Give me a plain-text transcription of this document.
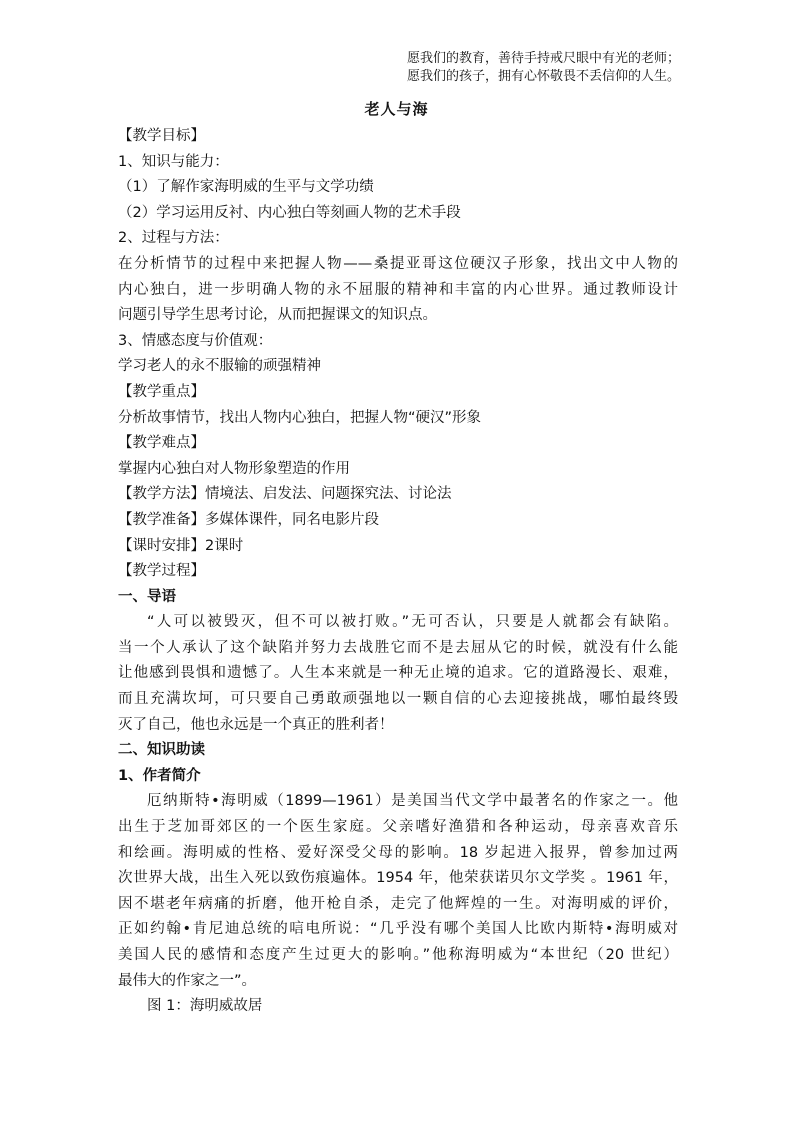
愿我们的教育，善待手持戒尺眼中有光的老师；
愿我们的孩子，拥有心怀敬畏不丢信仰的人生。
老人与海
【教学目标】
1、知识与能力：
（1）了解作家海明威的生平与文学功绩
（2）学习运用反衬、内心独白等刻画人物的艺术手段
2、过程与方法：
在分析情节的过程中来把握人物——桑提亚哥这位硬汉子形象，找出文中人物的
内心独白，进一步明确人物的永不屈服的精神和丰富的内心世界。通过教师设计
问题引导学生思考讨论，从而把握课文的知识点。
3、情感态度与价值观：
学习老人的永不服输的顽强精神
【教学重点】
分析故事情节，找出人物内心独白，把握人物“硬汉”形象
【教学难点】
掌握内心独白对人物形象塑造的作用
【教学方法】情境法、启发法、问题探究法、讨论法
【教学准备】多媒体课件，同名电影片段
【课时安排】2课时
【教学过程】
一、导语
“人可以被毁灭，但不可以被打败。”无可否认，只要是人就都会有缺陷。
当一个人承认了这个缺陷并努力去战胜它而不是去屈从它的时候，就没有什么能
让他感到畏惧和遗憾了。人生本来就是一种无止境的追求。它的道路漫长、艰难，
而且充满坎坷，可只要自己勇敢顽强地以一颗自信的心去迎接挑战，哪怕最终毁
灭了自己，他也永远是一个真正的胜利者！
二、知识助读
1、作者简介
厄纳斯特•海明威（1899—1961）是美国当代文学中最著名的作家之一。他
出生于芝加哥郊区的一个医生家庭。父亲嗜好渔猎和各种运动，母亲喜欢音乐
和绘画。海明威的性格、爱好深受父母的影响。18 岁起进入报界，曾参加过两
次世界大战，出生入死以致伤痕遍体。1954 年，他荣获诺贝尔文学奖 。1961 年，
因不堪老年病痛的折磨，他开枪自杀，走完了他辉煌的一生。对海明威的评价，
正如约翰•肯尼迪总统的唁电所说：“几乎没有哪个美国人比欧内斯特•海明威对
美国人民的感情和态度产生过更大的影响。”他称海明威为“本世纪（20 世纪）
最伟大的作家之一”。
图 1：海明威故居
